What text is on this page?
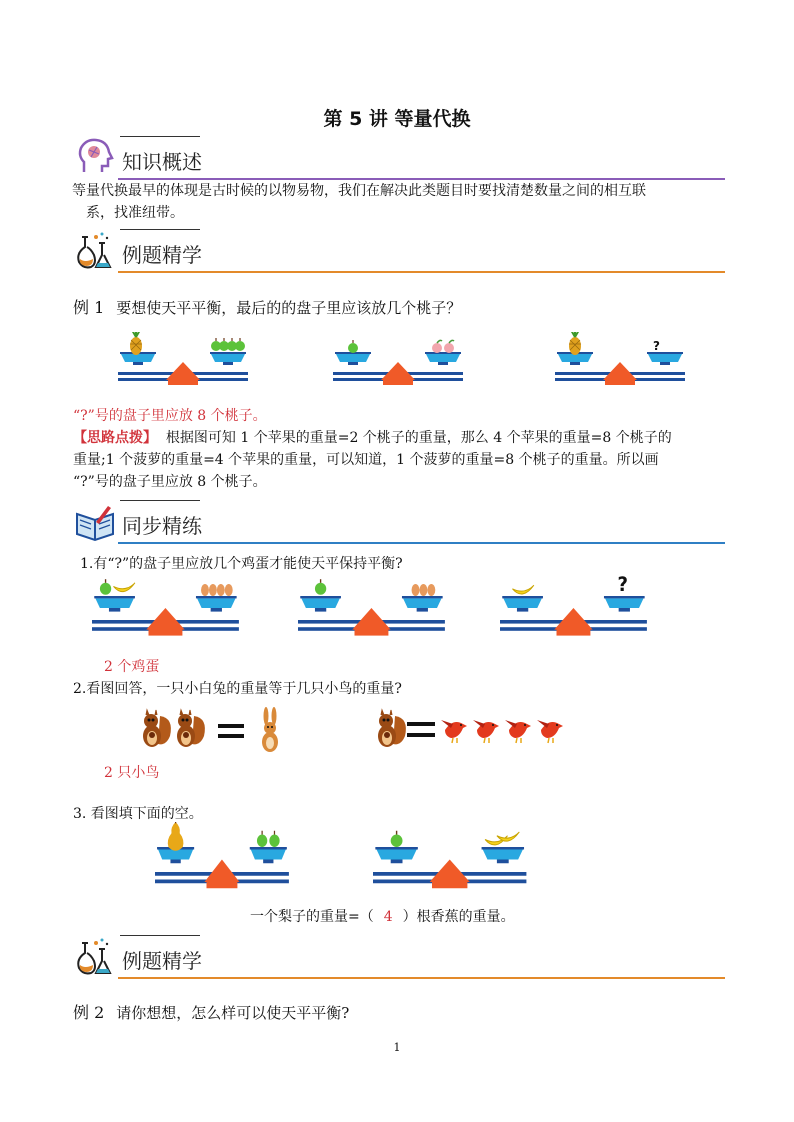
第 5 讲 等量代换
知识概述
等量代换最早的体现是古时候的以物易物，我们在解决此类题目时要找清楚数量之间的相互联
系，找准纽带。
例题精学
例 1 要想使天平平衡，最后的的盘子里应该放几个桃子？
?
“?”号的盘子里应放 8 个桃子。
【思路点拨】 根据图可知 1 个苹果的重量=2 个桃子的重量，那么 4 个苹果的重量=8 个桃子的
重量;1 个菠萝的重量=4 个苹果的重量，可以知道，1 个菠萝的重量=8 个桃子的重量。所以画
“?”号的盘子里应放 8 个桃子。
同步精练
1.有“?”的盘子里应放几个鸡蛋才能使天平保持平衡?
?
2 个鸡蛋
2.看图回答，一只小白兔的重量等于几只小鸟的重量?
2 只小鸟
3. 看图填下面的空。
一个梨子的重量=（ 4 ）根香蕉的重量。
例题精学
例 2 请你想想，怎么样可以使天平平衡?
1
